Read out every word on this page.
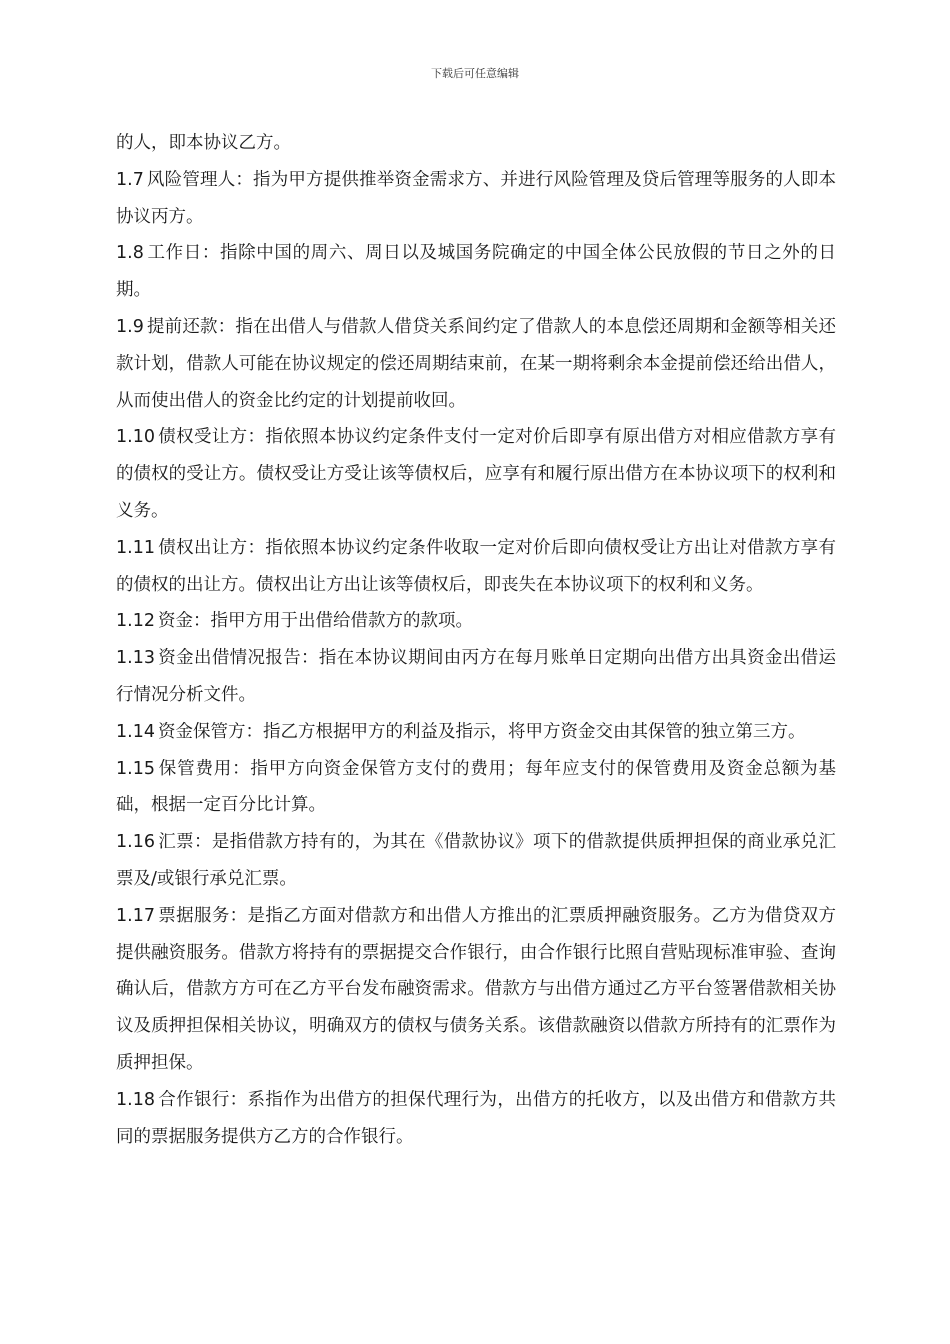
下载后可任意编辑

的人，即本协议乙方。

1.7 风险管理人：指为甲方提供推举资金需求方、并进行风险管理及贷后管理等服务的人即本协议丙方。

1.8 工作日：指除中国的周六、周日以及城国务院确定的中国全体公民放假的节日之外的日期。

1.9 提前还款：指在出借人与借款人借贷关系间约定了借款人的本息偿还周期和金额等相关还款计划，借款人可能在协议规定的偿还周期结束前，在某一期将剩余本金提前偿还给出借人，从而使出借人的资金比约定的计划提前收回。

1.10 债权受让方：指依照本协议约定条件支付一定对价后即享有原出借方对相应借款方享有的债权的受让方。债权受让方受让该等债权后，应享有和履行原出借方在本协议项下的权利和义务。

1.11 债权出让方：指依照本协议约定条件收取一定对价后即向债权受让方出让对借款方享有的债权的出让方。债权出让方出让该等债权后，即丧失在本协议项下的权利和义务。

1.12 资金：指甲方用于出借给借款方的款项。

1.13 资金出借情况报告：指在本协议期间由丙方在每月账单日定期向出借方出具资金出借运行情况分析文件。

1.14 资金保管方：指乙方根据甲方的利益及指示，将甲方资金交由其保管的独立第三方。

1.15 保管费用：指甲方向资金保管方支付的费用；每年应支付的保管费用及资金总额为基础，根据一定百分比计算。

1.16 汇票：是指借款方持有的，为其在《借款协议》项下的借款提供质押担保的商业承兑汇票及/或银行承兑汇票。

1.17 票据服务：是指乙方面对借款方和出借人方推出的汇票质押融资服务。乙方为借贷双方提供融资服务。借款方将持有的票据提交合作银行，由合作银行比照自营贴现标准审验、查询确认后，借款方方可在乙方平台发布融资需求。借款方与出借方通过乙方平台签署借款相关协议及质押担保相关协议，明确双方的债权与债务关系。该借款融资以借款方所持有的汇票作为质押担保。

1.18 合作银行：系指作为出借方的担保代理行为，出借方的托收方，以及出借方和借款方共同的票据服务提供方乙方的合作银行。
